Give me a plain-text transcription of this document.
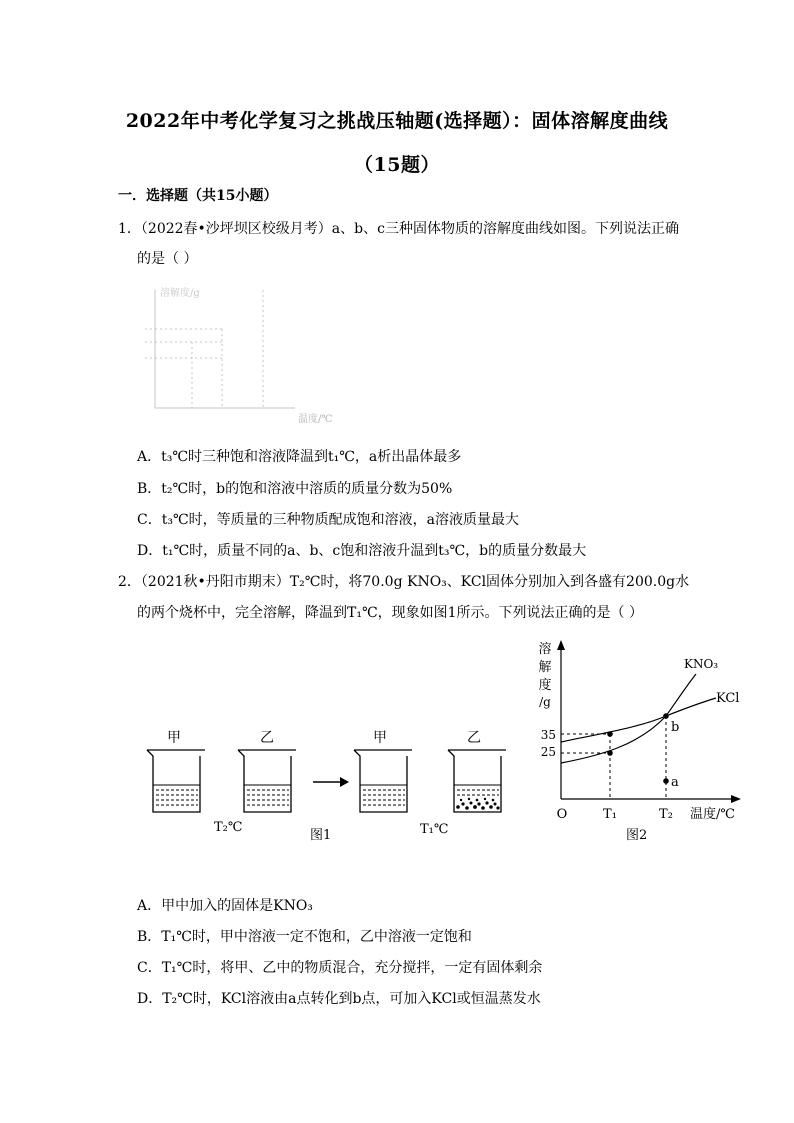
2022年中考化学复习之挑战压轴题(选择题）：固体溶解度曲线
（15题）
一．选择题（共15小题）
1．（2022春•沙坪坝区校级月考）a、b、c三种固体物质的溶解度曲线如图。下列说法正确
的是（ ）
溶解度/g
温度/℃
A．t₃℃时三种饱和溶液降温到t₁℃，a析出晶体最多
B．t₂℃时，b的饱和溶液中溶质的质量分数为50%
C．t₃℃时，等质量的三种物质配成饱和溶液，a溶液质量最大
D．t₁℃时，质量不同的a、b、c饱和溶液升温到t₃℃，b的质量分数最大
2．（2021秋•丹阳市期末）T₂℃时，将70.0g KNO₃、KCl固体分别加入到各盛有200.0g水
的两个烧杯中，完全溶解，降温到T₁℃，现象如图1所示。下列说法正确的是（ ）
甲	乙	甲	乙
T₂℃
图1	T₁℃
溶
解
度
/g
35
25
O	T₁	T₂ 温度/℃
KNO₃
KCl
b
a
图2
A．甲中加入的固体是KNO₃
B．T₁℃时，甲中溶液一定不饱和，乙中溶液一定饱和
C．T₁℃时，将甲、乙中的物质混合，充分搅拌，一定有固体剩余
D．T₂℃时，KCl溶液由a点转化到b点，可加入KCl或恒温蒸发水
